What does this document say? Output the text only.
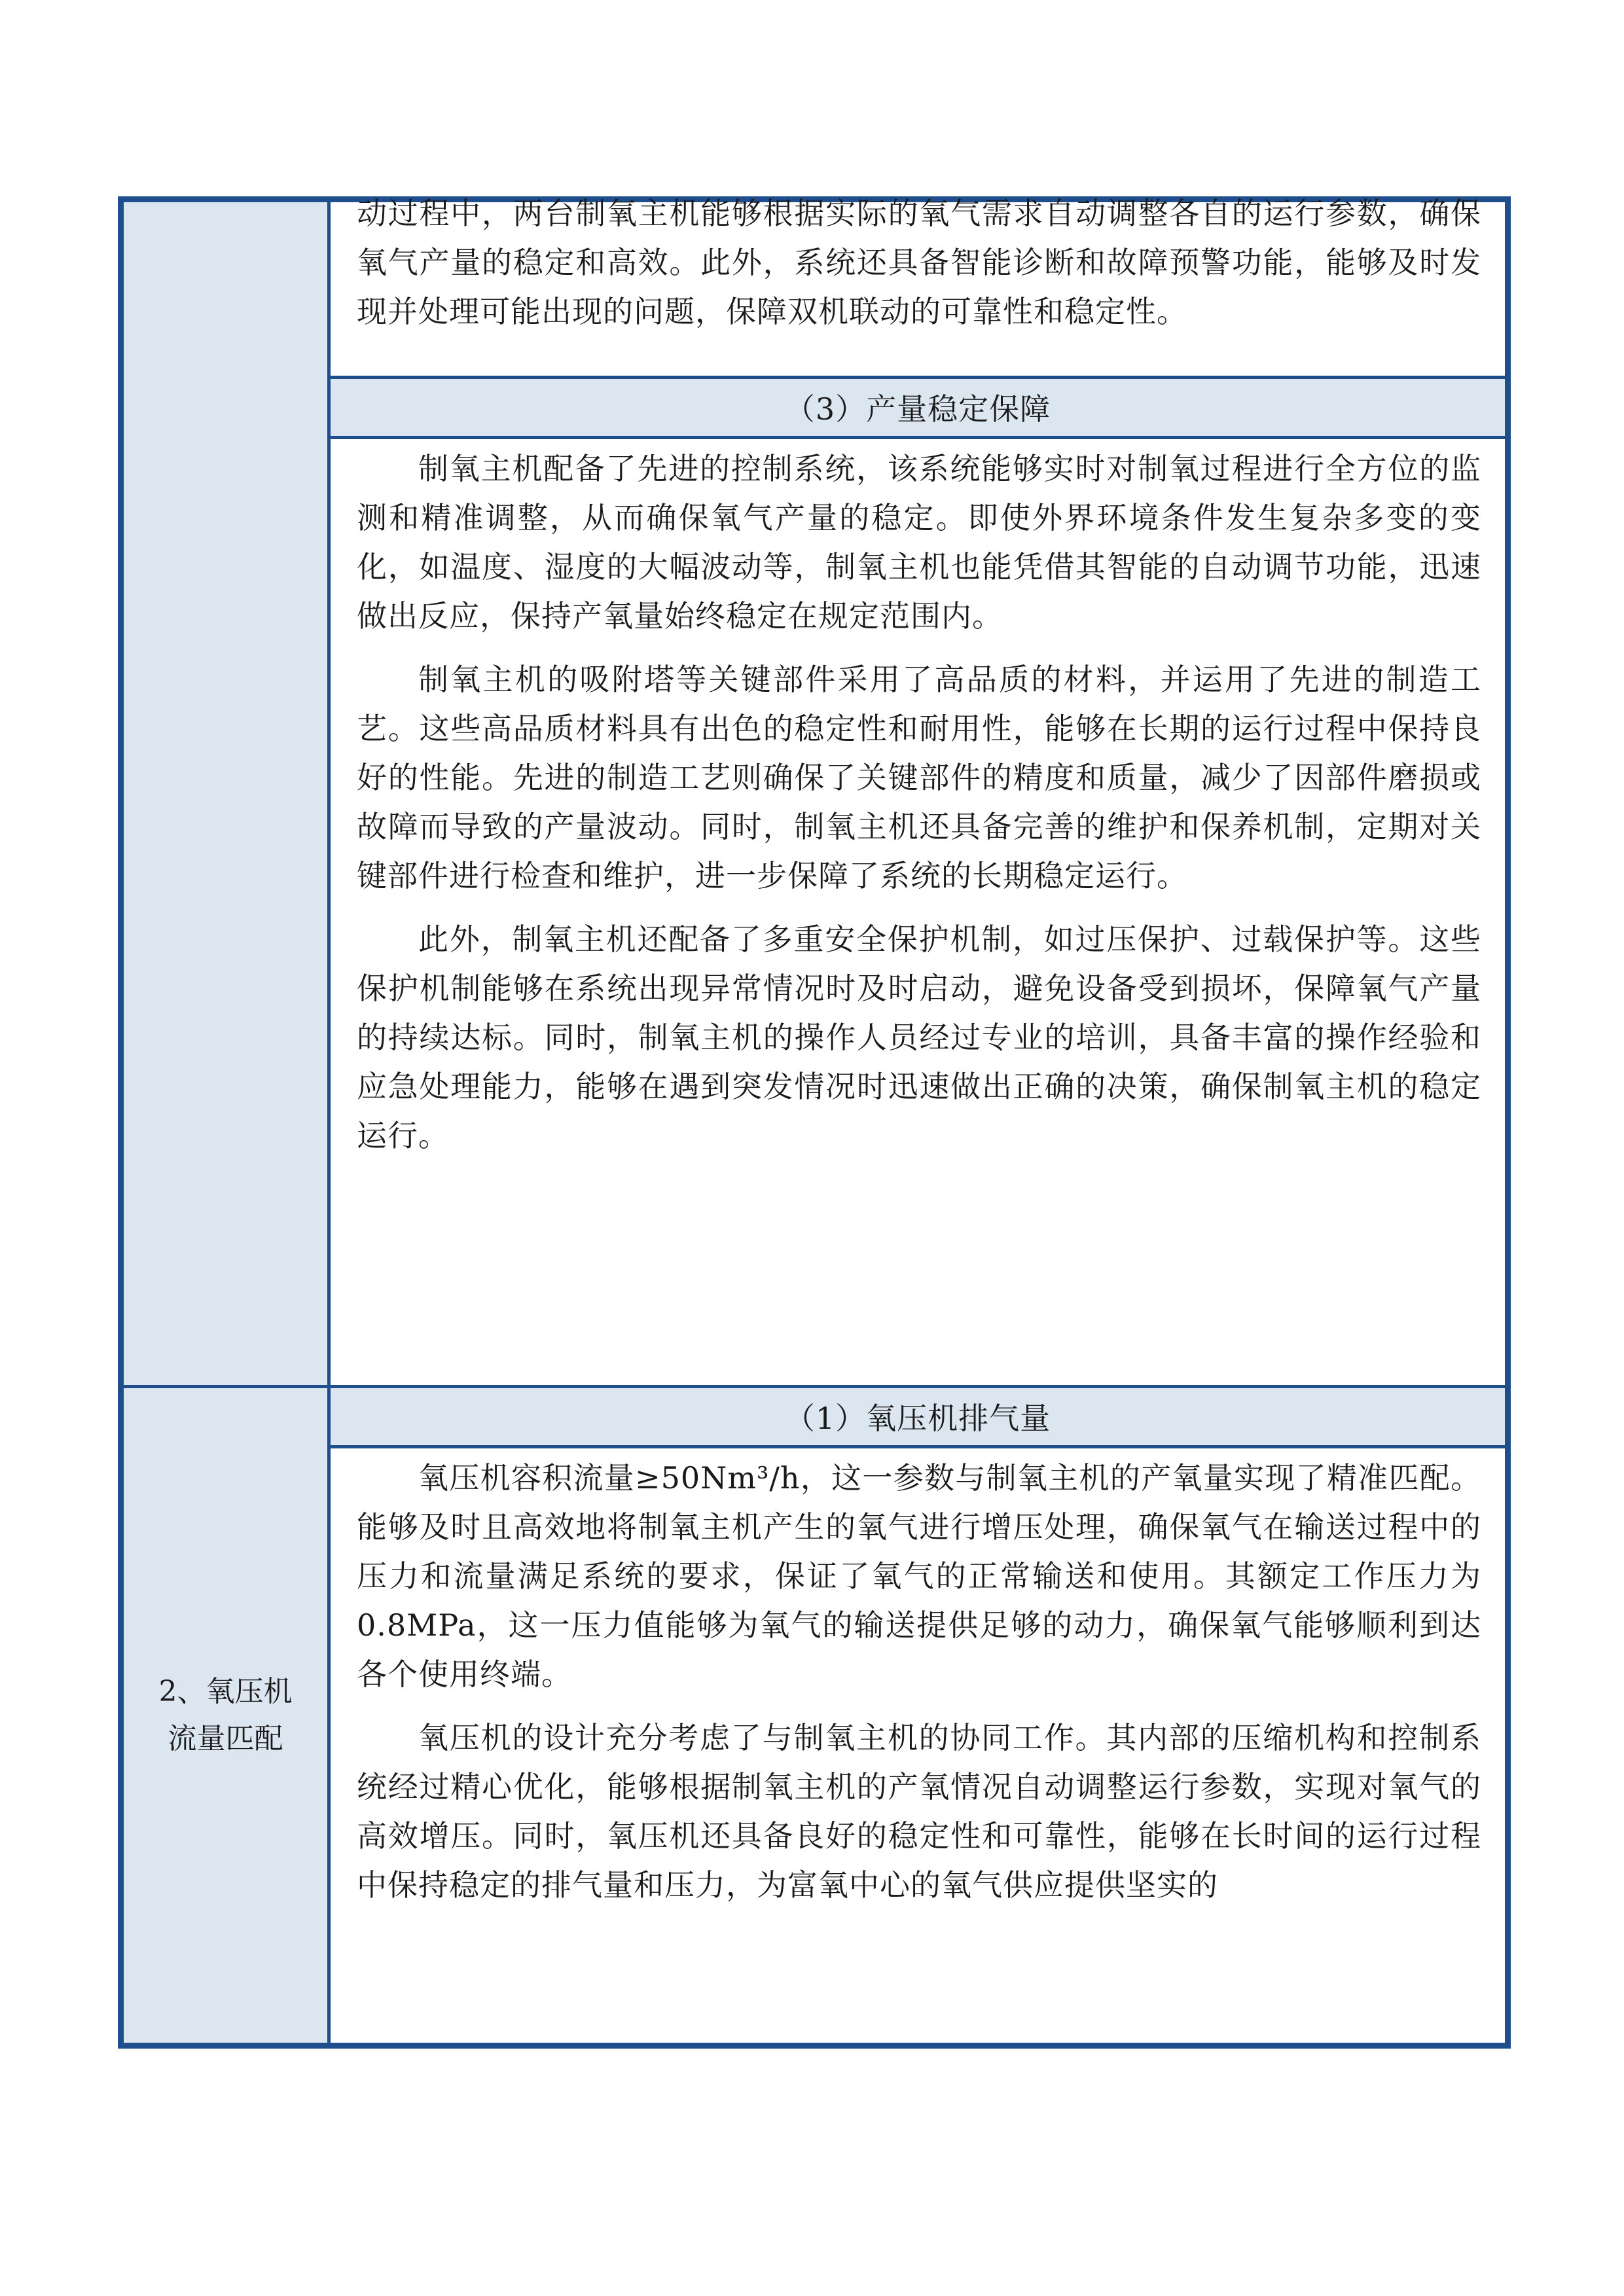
动过程中，两台制氧主机能够根据实际的氧气需求自动调整各自的运行参数，确保氧气产量的稳定和高效。此外，系统还具备智能诊断和故障预警功能，能够及时发现并处理可能出现的问题，保障双机联动的可靠性和稳定性。

（3）产量稳定保障

制氧主机配备了先进的控制系统，该系统能够实时对制氧过程进行全方位的监测和精准调整，从而确保氧气产量的稳定。即使外界环境条件发生复杂多变的变化，如温度、湿度的大幅波动等，制氧主机也能凭借其智能的自动调节功能，迅速做出反应，保持产氧量始终稳定在规定范围内。

制氧主机的吸附塔等关键部件采用了高品质的材料，并运用了先进的制造工艺。这些高品质材料具有出色的稳定性和耐用性，能够在长期的运行过程中保持良好的性能。先进的制造工艺则确保了关键部件的精度和质量，减少了因部件磨损或故障而导致的产量波动。同时，制氧主机还具备完善的维护和保养机制，定期对关键部件进行检查和维护，进一步保障了系统的长期稳定运行。

此外，制氧主机还配备了多重安全保护机制，如过压保护、过载保护等。这些保护机制能够在系统出现异常情况时及时启动，避免设备受到损坏，保障氧气产量的持续达标。同时，制氧主机的操作人员经过专业的培训，具备丰富的操作经验和应急处理能力，能够在遇到突发情况时迅速做出正确的决策，确保制氧主机的稳定运行。

2、氧压机
流量匹配
（1）氧压机排气量

氧压机容积流量≥50Nm³/h，这一参数与制氧主机的产氧量实现了精准匹配。能够及时且高效地将制氧主机产生的氧气进行增压处理，确保氧气在输送过程中的压力和流量满足系统的要求，保证了氧气的正常输送和使用。其额定工作压力为 0.8MPa，这一压力值能够为氧气的输送提供足够的动力，确保氧气能够顺利到达各个使用终端。

氧压机的设计充分考虑了与制氧主机的协同工作。其内部的压缩机构和控制系统经过精心优化，能够根据制氧主机的产氧情况自动调整运行参数，实现对氧气的高效增压。同时，氧压机还具备良好的稳定性和可靠性，能够在长时间的运行过程中保持稳定的排气量和压力，为富氧中心的氧气供应提供坚实的
